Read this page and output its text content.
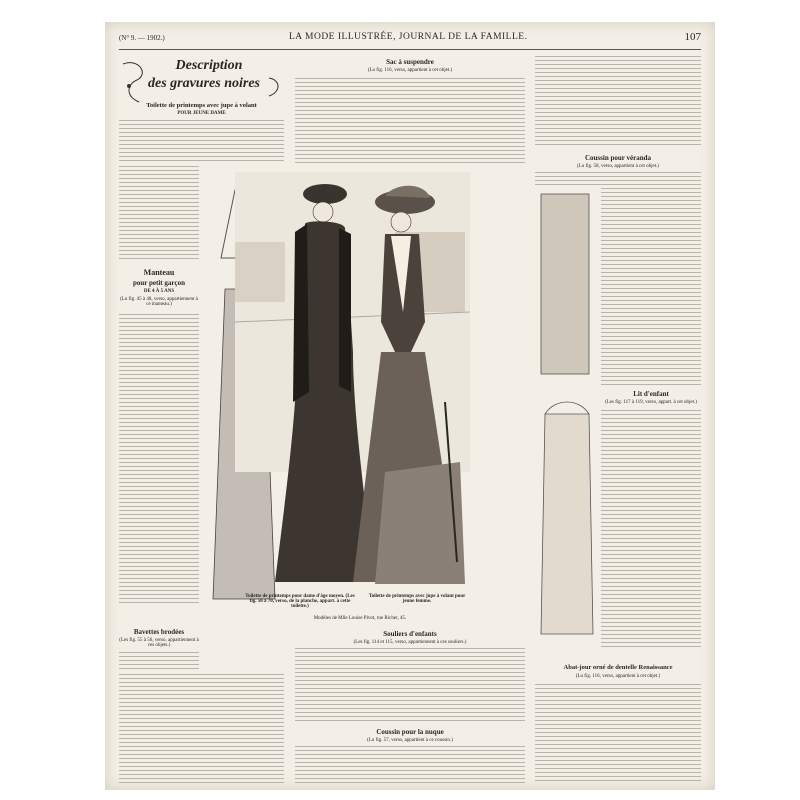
(N° 9. — 1902.)	LA MODE ILLUSTRÉE, JOURNAL DE LA FAMILLE.	107
Description
des gravures noires
Toilette de printemps avec jupe à volant
POUR JEUNE DAME
Manteau
pour petit garçon
DE 4 À 5 ANS
(Lu fig. 45 à 48, verso, appartiennent à ce manteau.)
Bavettes brodées
(Les fig. 55 à 56, verso, appartiennent à ces objets.)
Sac à suspendre
(Lu fig. 116, verso, appartient à cet objet.)
Toilette de printemps pour dame d'âge moyen. (Les fig. 56 à 70, verso, de la planche, appart. à cette toilette.)
Toilette de printemps avec jupe à volant pour jeune femme.
Modèles de Mlle Louise Pivot, rue Richer, 45.
Souliers d'enfants
(Les fig. 114 et 115, verso, appartiennent à ces souliers.)
Coussin pour la nuque
(Lu fig. 57, verso, appartient à ce coussin.)
Coussin pour véranda
(Lu fig. 58, verso, appartient à cet objet.)
Lit d'enfant
(Les fig. 117 à 119, verso, appart. à cet objet.)
Abat-jour orné de dentelle Renaissance
(Lu fig. 116, verso, appartient à cet objet.)
